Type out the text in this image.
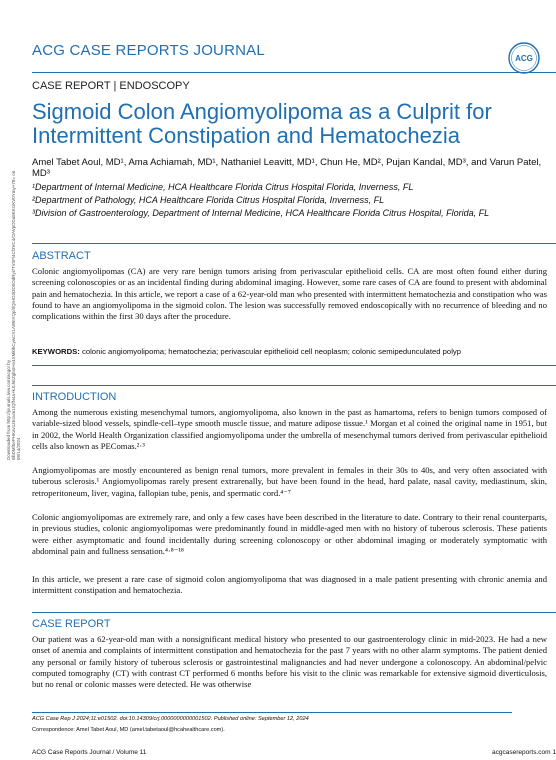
ACG CASE REPORTS JOURNAL	ACG
CASE REPORT | ENDOSCOPY
Sigmoid Colon Angiomyolipoma as a Culprit for Intermittent Constipation and Hematochezia
Amel Tabet Aoul, MD¹, Ama Achiamah, MD¹, Nathaniel Leavitt, MD¹, Chun He, MD², Pujan Kandal, MD³, and Varun Patel, MD³
¹Department of Internal Medicine, HCA Healthcare Florida Citrus Hospital Florida, Inverness, FL
²Department of Pathology, HCA Healthcare Florida Citrus Hospital Florida, Inverness, FL
³Division of Gastroenterology, Department of Internal Medicine, HCA Healthcare Florida Citrus Hospital, Florida, FL
Downloaded from http://journals.lww.com/acgcr by BhDMf5ePHKav1zEoum1tQfN4a+kJLhEZgbsIHo4XMi0hCywCX1AWnYQp/IlQrHD3i3D0OdRyi7TvSFl4Cf3VC4/OAVpDDa8KKGKV0Ymy+78= on 09/14/2024
ABSTRACT
Colonic angiomyolipomas (CA) are very rare benign tumors arising from perivascular epithelioid cells. CA are most often found either during screening colonoscopies or as an incidental finding during abdominal imaging. However, some rare cases of CA are found to present with abdominal pain and hematochezia. In this article, we report a case of a 62-year-old man who presented with intermittent hematochezia and constipation who was found to have an angiomyolipoma in the sigmoid colon. The lesion was successfully removed endoscopically with no recurrence of bleeding and no complications within the first 30 days after the procedure.
KEYWORDS: colonic angiomyolipoma; hematochezia; perivascular epithelioid cell neoplasm; colonic semipedunculated polyp
INTRODUCTION
Among the numerous existing mesenchymal tumors, angiomyolipoma, also known in the past as hamartoma, refers to benign tumors composed of variable-sized blood vessels, spindle-cell–type smooth muscle tissue, and mature adipose tissue.¹ Morgan et al coined the original name in 1951, but in 2002, the World Health Organization classified angiomyolipoma under the umbrella of mesenchymal tumors derived from perivascular epithelioid cells also known as PEComas.²·³
Angiomyolipomas are mostly encountered as benign renal tumors, more prevalent in females in their 30s to 40s, and very often associated with tuberous sclerosis.¹ Angiomyolipomas rarely present extrarenally, but have been found in the head, hard palate, nasal cavity, mediastinum, skin, retroperitoneum, liver, vagina, fallopian tube, penis, and spermatic cord.⁴⁻⁷
Colonic angiomyolipomas are extremely rare, and only a few cases have been described in the literature to date. Contrary to their renal counterparts, in previous studies, colonic angiomyolipomas were predominantly found in middle-aged men with no history of tuberous sclerosis. These patients were either asymptomatic and found incidentally during screening colonoscopy or other abdominal imaging or moderately symptomatic with abdominal pain and fullness sensation.⁴·⁸⁻¹⁸
In this article, we present a rare case of sigmoid colon angiomyolipoma that was diagnosed in a male patient presenting with chronic anemia and intermittent constipation and hematochezia.
CASE REPORT
Our patient was a 62-year-old man with a nonsignificant medical history who presented to our gastroenterology clinic in mid-2023. He had a new onset of anemia and complaints of intermittent constipation and hematochezia for the past 7 years with no other alarm symptoms. The patient denied any personal or family history of tuberous sclerosis or gastrointestinal malignancies and had never undergone a colonoscopy. An abdominal/pelvic computed tomography (CT) with contrast CT performed 6 months before his visit to the clinic was remarkable for extensive sigmoid diverticulosis, but no renal or colonic masses were detected. He was otherwise
ACG Case Rep J 2024;11:e01502. doi:10.14309/crj.0000000000001502. Published online: September 12, 2024
Correspondence: Amel Tabet Aoul, MD (amel.tabetaoul@hcahealthcare.com).
ACG Case Reports Journal / Volume 11	acgcasereports.com 1
